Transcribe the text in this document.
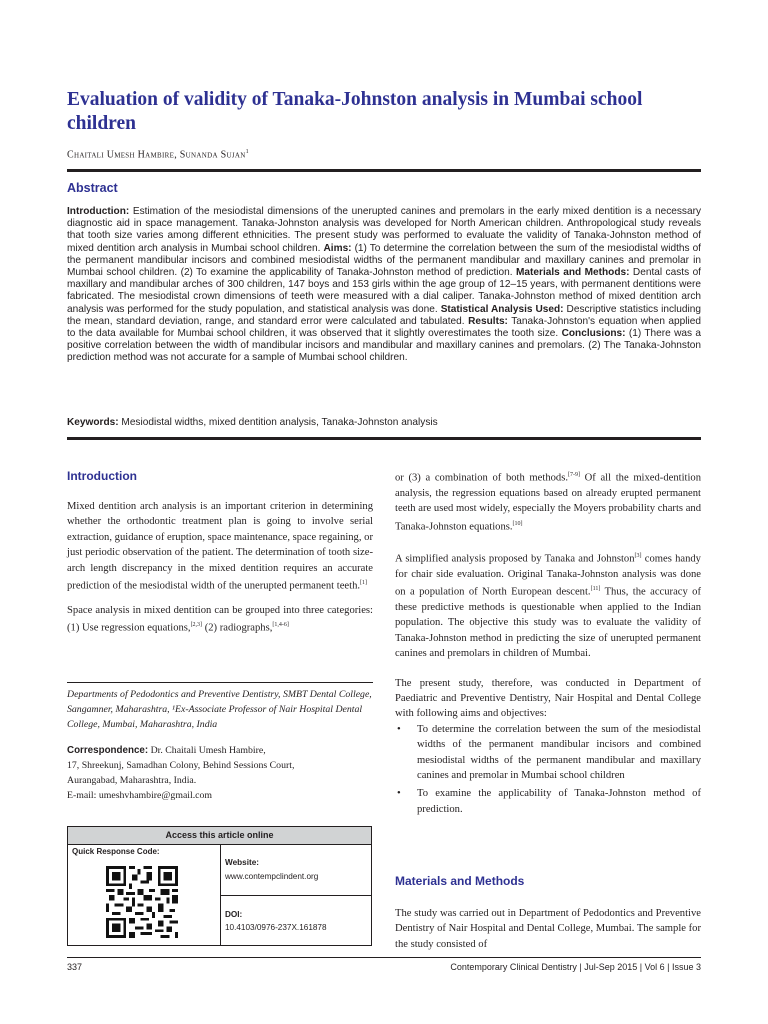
Evaluation of validity of Tanaka-Johnston analysis in Mumbai school children
Chaitali Umesh Hambire, Sunanda Sujan$^1$
Abstract

Introduction: Estimation of the mesiodistal dimensions of the unerupted canines and premolars in the early mixed dentition is a necessary diagnostic aid in space management. Tanaka-Johnston analysis was developed for North American children. Anthropological study reveals that tooth size varies among different ethnicities. The present study was performed to evaluate the validity of Tanaka-Johnston method of mixed dentition arch analysis in Mumbai school children. Aims: (1) To determine the correlation between the sum of the mesiodistal widths of the permanent mandibular incisors and combined mesiodistal widths of the permanent mandibular and maxillary canines and premolar in Mumbai school children. (2) To examine the applicability of Tanaka-Johnston method of prediction. Materials and Methods: Dental casts of maxillary and mandibular arches of 300 children, 147 boys and 153 girls within the age group of 12–15 years, with permanent dentitions were fabricated. The mesiodistal crown dimensions of teeth were measured with a dial caliper. Tanaka-Johnston method of mixed dentition arch analysis was performed for the study population, and statistical analysis was done. Statistical Analysis Used: Descriptive statistics including the mean, standard deviation, range, and standard error were calculated and tabulated. Results: Tanaka-Johnston's equation when applied to the data available for Mumbai school children, it was observed that it slightly overestimates the tooth size. Conclusions: (1) There was a positive correlation between the width of mandibular incisors and mandibular and maxillary canines and premolars. (2) The Tanaka-Johnston prediction method was not accurate for a sample of Mumbai school children.

Keywords: Mesiodistal widths, mixed dentition analysis, Tanaka-Johnston analysis

Introduction

Mixed dentition arch analysis is an important criterion in determining whether the orthodontic treatment plan is going to involve serial extraction, guidance of eruption, space maintenance, space regaining, or just periodic observation of the patient. The determination of tooth size-arch length discrepancy in the mixed dentition requires an accurate prediction of the mesiodistal width of the unerupted permanent teeth.[1]

Space analysis in mixed dentition can be grouped into three categories: (1) Use regression equations,[2,3] (2) radiographs,[1,4-6]

Departments of Pedodontics and Preventive Dentistry, SMBT Dental College, Sangamner, Maharashtra, ¹Ex-Associate Professor of Nair Hospital Dental College, Mumbai, Maharashtra, India
Correspondence: Dr. Chaitali Umesh Hambire,
17, Shreekunj, Samadhan Colony, Behind Sessions Court,
Aurangabad, Maharashtra, India.
E-mail: umeshvhambire@gmail.com
Access this article online
Quick Response Code:
Website:
www.contempclindent.org
DOI:
10.4103/0976-237X.161878

or (3) a combination of both methods.[7-9] Of all the mixed-dentition analysis, the regression equations based on already erupted permanent teeth are used most widely, especially the Moyers probability charts and Tanaka-Johnston equations.[10]

A simplified analysis proposed by Tanaka and Johnston[3] comes handy for chair side evaluation. Original Tanaka-Johnston analysis was done on a population of North European descent.[11] Thus, the accuracy of these predictive methods is questionable when applied to the Indian population. The objective this study was to evaluate the validity of Tanaka-Johnston method in predicting the size of unerupted permanent canines and premolars in children of Mumbai.

The present study, therefore, was conducted in Department of Paediatric and Preventive Dentistry, Nair Hospital and Dental College with following aims and objectives:

• To determine the correlation between the sum of the mesiodistal widths of the permanent mandibular incisors and combined mesiodistal widths of the permanent mandibular and maxillary canines and premolar in Mumbai school children
• To examine the applicability of Tanaka-Johnston method of prediction.
Materials and Methods

The study was carried out in Department of Pedodontics and Preventive Dentistry of Nair Hospital and Dental College, Mumbai. The sample for the study consisted of

337	Contemporary Clinical Dentistry | Jul-Sep 2015 | Vol 6 | Issue 3
